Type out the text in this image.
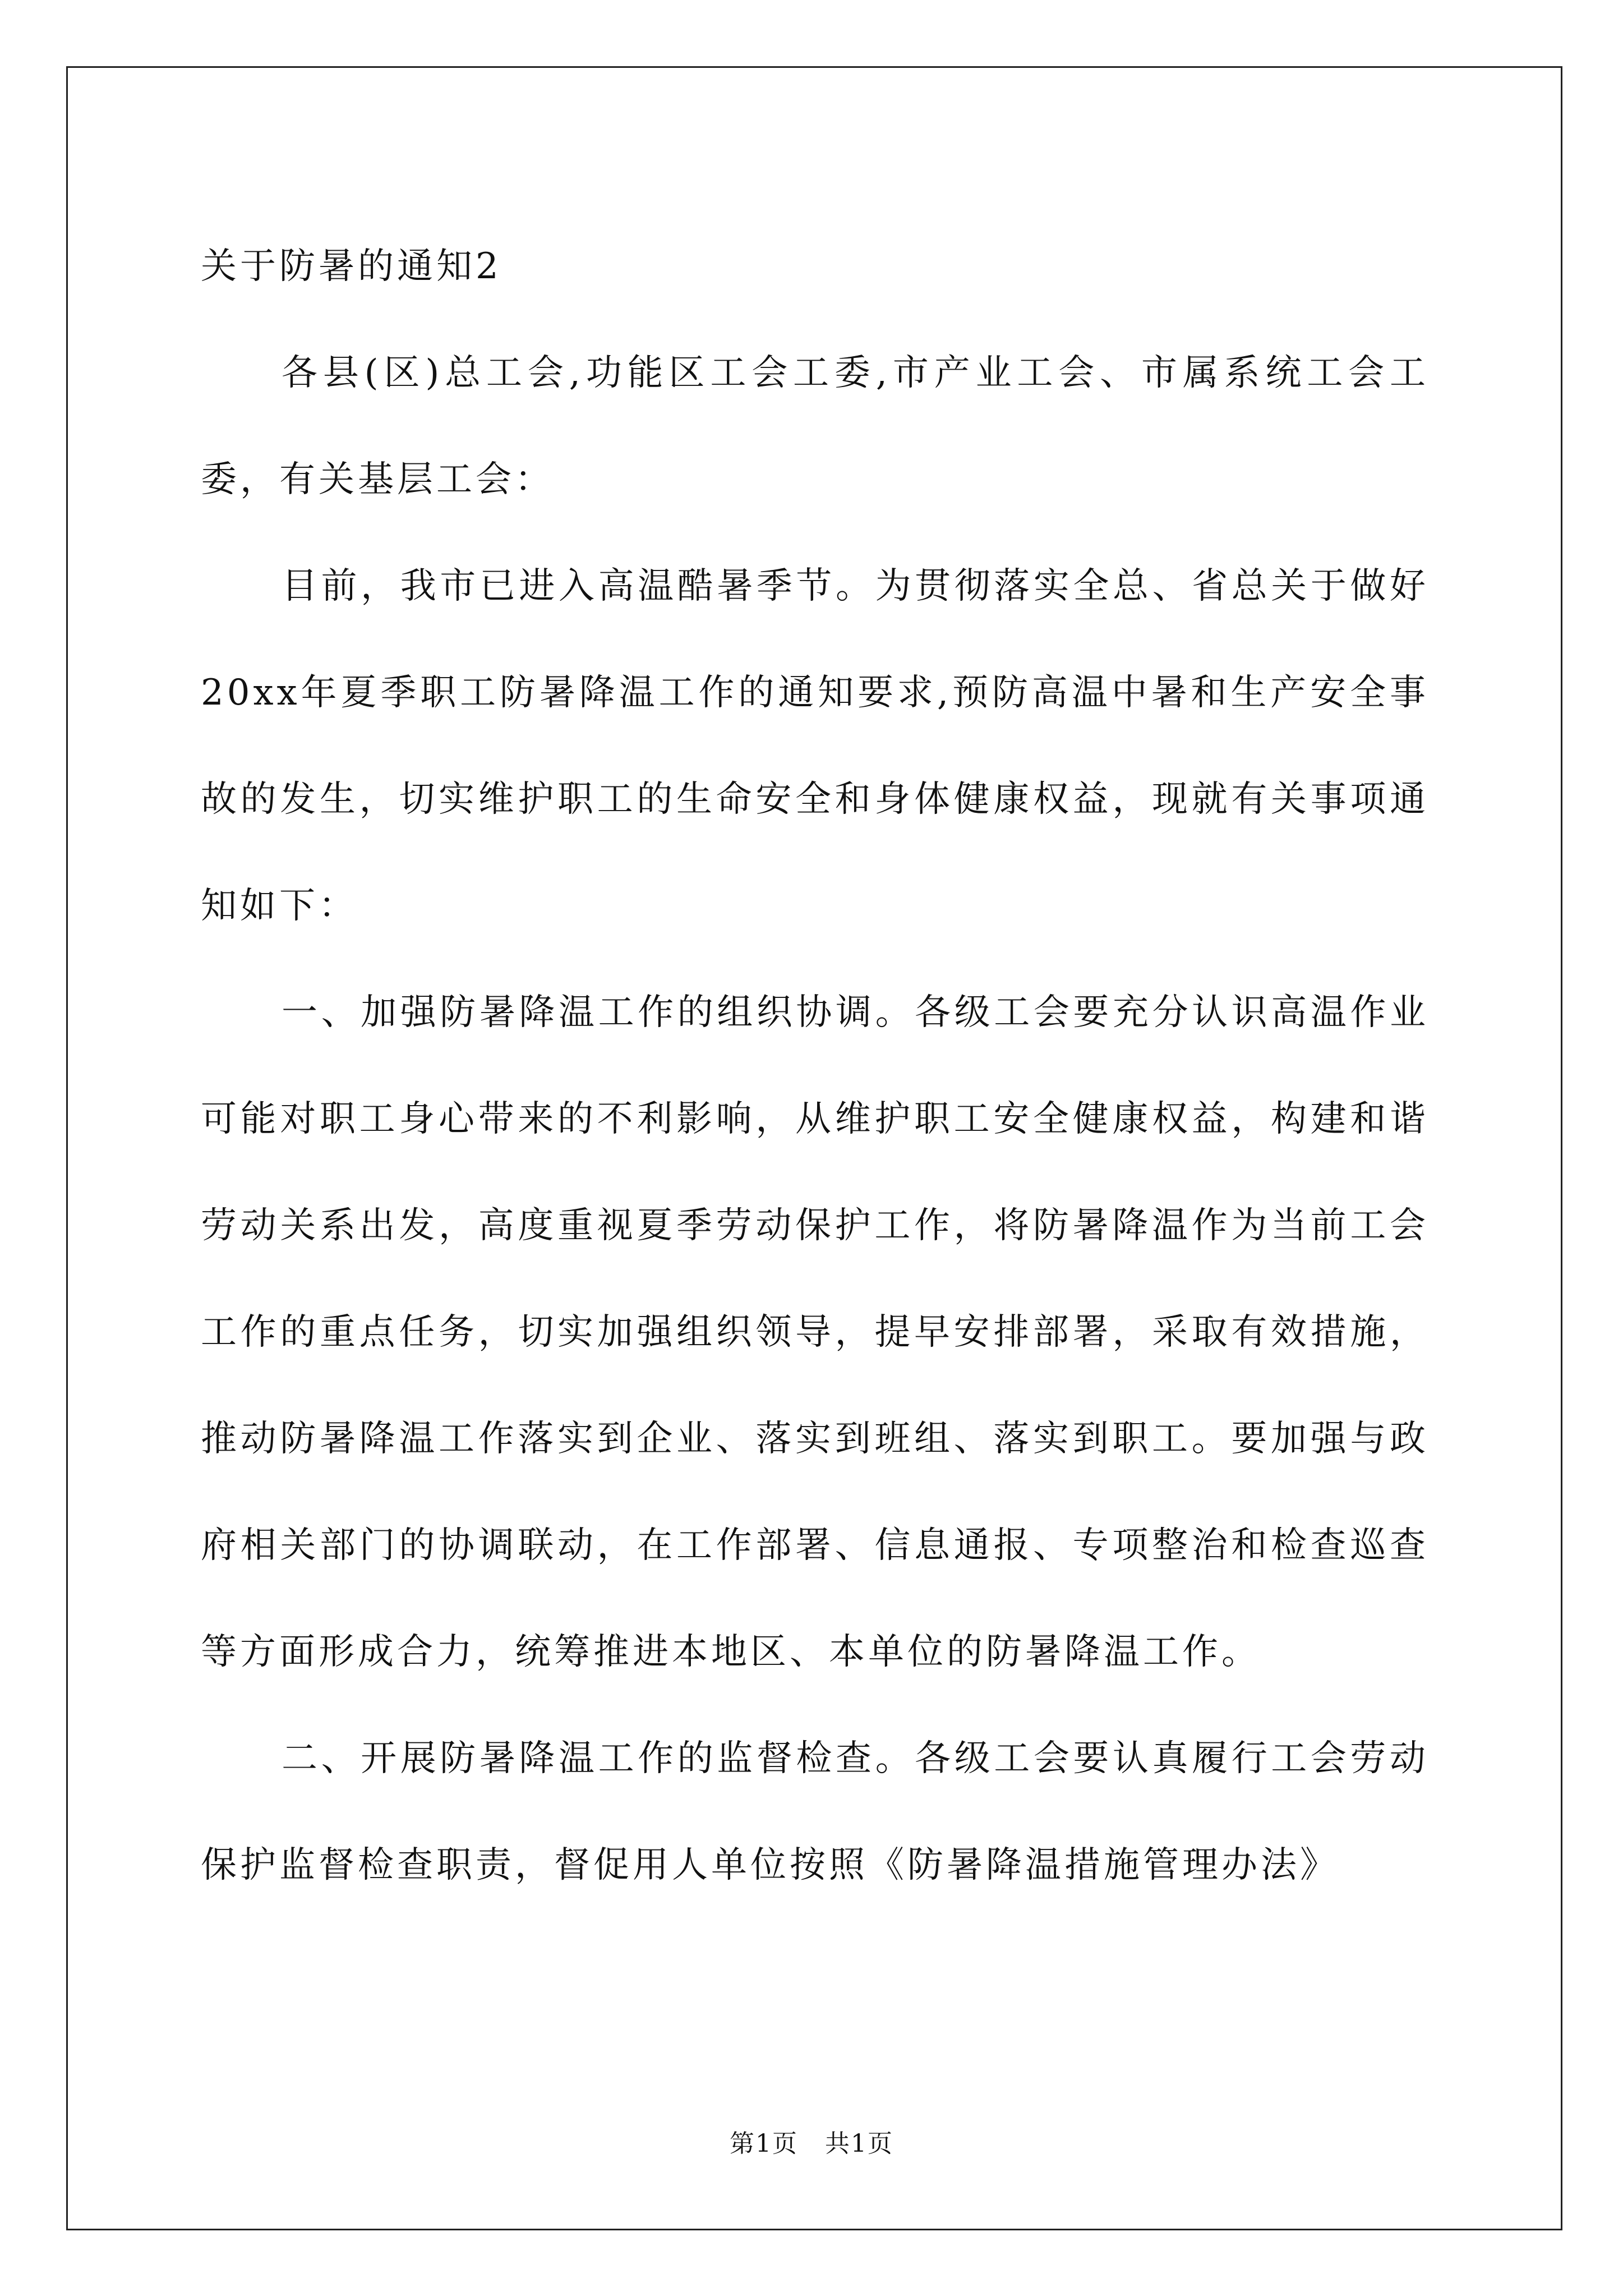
关于防暑的通知2

各县(区)总工会,功能区工会工委,市产业工会、市属系统工会工委，有关基层工会：

目前，我市已进入高温酷暑季节。为贯彻落实全总、省总关于做好20xx年夏季职工防暑降温工作的通知要求,预防高温中暑和生产安全事故的发生，切实维护职工的生命安全和身体健康权益，现就有关事项通知如下：

一、加强防暑降温工作的组织协调。各级工会要充分认识高温作业可能对职工身心带来的不利影响，从维护职工安全健康权益，构建和谐劳动关系出发，高度重视夏季劳动保护工作，将防暑降温作为当前工会工作的重点任务，切实加强组织领导，提早安排部署，采取有效措施，推动防暑降温工作落实到企业、落实到班组、落实到职工。要加强与政府相关部门的协调联动，在工作部署、信息通报、专项整治和检查巡查等方面形成合力，统筹推进本地区、本单位的防暑降温工作。

二、开展防暑降温工作的监督检查。各级工会要认真履行工会劳动保护监督检查职责，督促用人单位按照《防暑降温措施管理办法》

第1页 共1页
